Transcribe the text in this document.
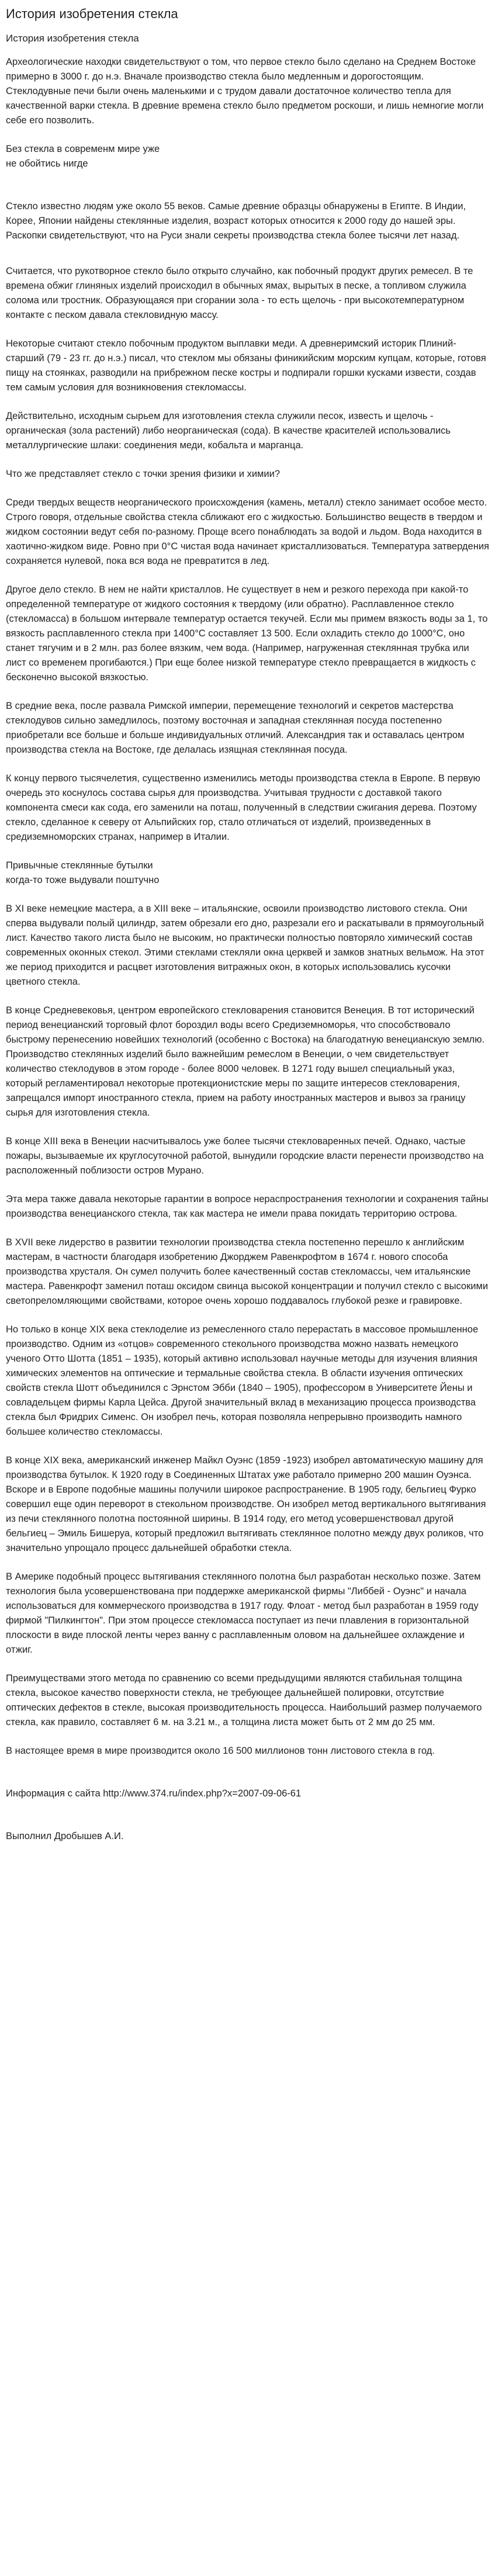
История изобретения стекла

История изобретения стекла

Археологические находки свидетельствуют о том, что первое стекло было сделано на Среднем Востоке примерно в 3000 г. до н.э. Вначале производство стекла было медленным и дорогостоящим. Стеклодувные печи были очень маленькими и с трудом давали достаточное количество тепла для качественной варки стекла. В древние времена стекло было предметом роскоши, и лишь немногие могли себе его позволить.

Без стекла в современм мире уже
не обойтись нигде

Стекло известно людям уже около 55 веков. Самые древние образцы обнаружены в Египте. В Индии, Корее, Японии найдены стеклянные изделия, возраст которых относится к 2000 году до нашей эры. Раскопки свидетельствуют, что на Руси знали секреты производства стекла более тысячи лет назад.

Считается, что рукотворное стекло было открыто случайно, как побочный продукт других ремесел. В те времена обжиг глиняных изделий происходил в обычных ямах, вырытых в песке, а топливом служила солома или тростник. Образующаяся при сгорании зола - то есть щелочь - при высокотемпературном контакте с песком давала стекловидную массу.

Некоторые считают стекло побочным продуктом выплавки меди. А древнеримский историк Плиний-старший (79 - 23 гг. до н.э.) писал, что стеклом мы обязаны финикийским морским купцам, которые, готовя пищу на стоянках, разводили на прибрежном песке костры и подпирали горшки кусками извести, создав тем самым условия для возникновения стекломассы.

Действительно, исходным сырьем для изготовления стекла служили песок, известь и щелочь - органическая (зола растений) либо неорганическая (сода). В качестве красителей использовались металлургические шлаки: соединения меди, кобальта и марганца.

Что же представляет стекло с точки зрения физики и химии?

Среди твердых веществ неорганического происхождения (камень, металл) стекло занимает особое место. Строго говоря, отдельные свойства стекла сближают его с жидкостью. Большинство веществ в твердом и жидком состоянии ведут себя по-разному. Проще всего понаблюдать за водой и льдом. Вода находится в хаотично-жидком виде. Ровно при 0°С чистая вода начинает кристаллизоваться. Температура затвердения сохраняется нулевой, пока вся вода не превратится в лед.

Другое дело стекло. В нем не найти кристаллов. Не существует в нем и резкого перехода при какой-то определенной температуре от жидкого состояния к твердому (или обратно). Расплавленное стекло (стекломасса) в большом интервале температур остается текучей. Если мы примем вязкость воды за 1, то вязкость расплавленного стекла при 1400°С составляет 13 500. Если охладить стекло до 1000°С, оно станет тягучим и в 2 млн. раз более вязким, чем вода. (Например, нагруженная стеклянная трубка или лист со временем прогибаются.) При еще более низкой температуре стекло превращается в жидкость с бесконечно высокой вязкостью.

В средние века, после развала Римской империи, перемещение технологий и секретов мастерства стеклодувов сильно замедлилось, поэтому восточная и западная стеклянная посуда постепенно приобретали все больше и больше индивидуальных отличий. Александрия так и оставалась центром производства стекла на Востоке, где делалась изящная стеклянная посуда.

К концу первого тысячелетия, существенно изменились методы производства стекла в Европе. В первую очередь это коснулось состава сырья для производства. Учитывая трудности с доставкой такого компонента смеси как сода, его заменили на поташ, полученный в следствии сжигания дерева. Поэтому стекло, сделанное к северу от Альпийских гор, стало отличаться от изделий, произведенных в средиземноморских странах, например в Италии.

Привычные стеклянные бутылки
когда-то тоже выдували поштучно

В XI веке немецкие мастера, а в XIII веке – итальянские, освоили производство листового стекла. Они сперва выдували полый цилиндр, затем обрезали его дно, разрезали его и раскатывали в прямоугольный лист. Качество такого листа было не высоким, но практически полностью повторяло химический состав современных оконных стекол. Этими стеклами стекляли окна церквей и замков знатных вельмож. На этот же период приходится и расцвет изготовления витражных окон, в которых использовались кусочки цветного стекла.

В конце Средневековья, центром европейского стекловарения становится Венеция. В тот исторический период венецианский торговый флот бороздил воды всего Средиземноморья, что способствовало быстрому перенесению новейших технологий (особенно с Востока) на благодатную венецианскую землю. Производство стеклянных изделий было важнейшим ремеслом в Венеции, о чем свидетельствует количество стеклодувов в этом городе - более 8000 человек. В 1271 году вышел специальный указ, который регламентировал некоторые протекционистские меры по защите интересов стекловарения, запрещался импорт иностранного стекла, прием на работу иностранных мастеров и вывоз за границу сырья для изготовления стекла.

В конце XIII века в Венеции насчитывалось уже более тысячи стекловаренных печей. Однако, частые пожары, вызываемые их круглосуточной работой, вынудили городские власти перенести производство на расположенный поблизости остров Мурано.

Эта мера также давала некоторые гарантии в вопросе нераспространения технологии и сохранения тайны производства венецианского стекла, так как мастера не имели права покидать территорию острова.

В XVII веке лидерство в развитии технологии производства стекла постепенно перешло к английским мастерам, в частности благодаря изобретению Джорджем Равенкрофтом в 1674 г. нового способа производства хрусталя. Он сумел получить более качественный состав стекломассы, чем итальянские мастера. Равенкрофт заменил поташ оксидом свинца высокой концентрации и получил стекло с высокими светопреломляющими свойствами, которое очень хорошо поддавалось глубокой резке и гравировке.

Но только в конце XIX века стеклоделие из ремесленного стало перерастать в массовое промышленное производство. Одним из «отцов» современного стекольного производства можно назвать немецкого ученого Отто Шотта (1851 – 1935), который активно использовал научные методы для изучения влияния химических элементов на оптические и термальные свойства стекла. В области изучения оптических свойств стекла Шотт объединился с Эрнстом Эбби (1840 – 1905), профессором в Университете Йены и совладельцем фирмы Карла Цейса. Другой значительный вклад в механизацию процесса производства стекла был Фридрих Сименс. Он изобрел печь, которая позволяла непрерывно производить намного большее количество стекломассы.

В конце XIX века, американский инженер Майкл Оуэнс (1859 -1923) изобрел автоматическую машину для производства бутылок. К 1920 году в Соединенных Штатах уже работало примерно 200 машин Оуэнса. Вскоре и в Европе подобные машины получили широкое распространение. В 1905 году, бельгиец Фурко совершил еще один переворот в стекольном производстве. Он изобрел метод вертикального вытягивания из печи стеклянного полотна постоянной ширины. В 1914 году, его метод усовершенствовал другой бельгиец – Эмиль Бишеруа, который предложил вытягивать стеклянное полотно между двух роликов, что значительно упрощало процесс дальнейшей обработки стекла.

В Америке подобный процесс вытягивания стеклянного полотна был разработан несколько позже. Затем технология была усовершенствована при поддержке американской фирмы "Либбей - Оуэнс" и начала использоваться для коммерческого производства в 1917 году. Флоат - метод был разработан в 1959 году фирмой "Пилкингтон". При этом процессе стекломасса поступает из печи плавления в горизонтальной плоскости в виде плоской ленты через ванну с расплавленным оловом на дальнейшее охлаждение и отжиг.

Преимуществами этого метода по сравнению со всеми предыдущими являются стабильная толщина стекла, высокое качество поверхности стекла, не требующее дальнейшей полировки, отсутствие оптических дефектов в стекле, высокая производительность процесса. Наибольший размер получаемого стекла, как правило, составляет 6 м. на 3.21 м., а толщина листа может быть от 2 мм до 25 мм.

В настоящее время в мире производится около 16 500 миллионов тонн листового стекла в год.

Информация с сайта http://www.374.ru/index.php?x=2007-09-06-61

Выполнил Дробышев А.И.
